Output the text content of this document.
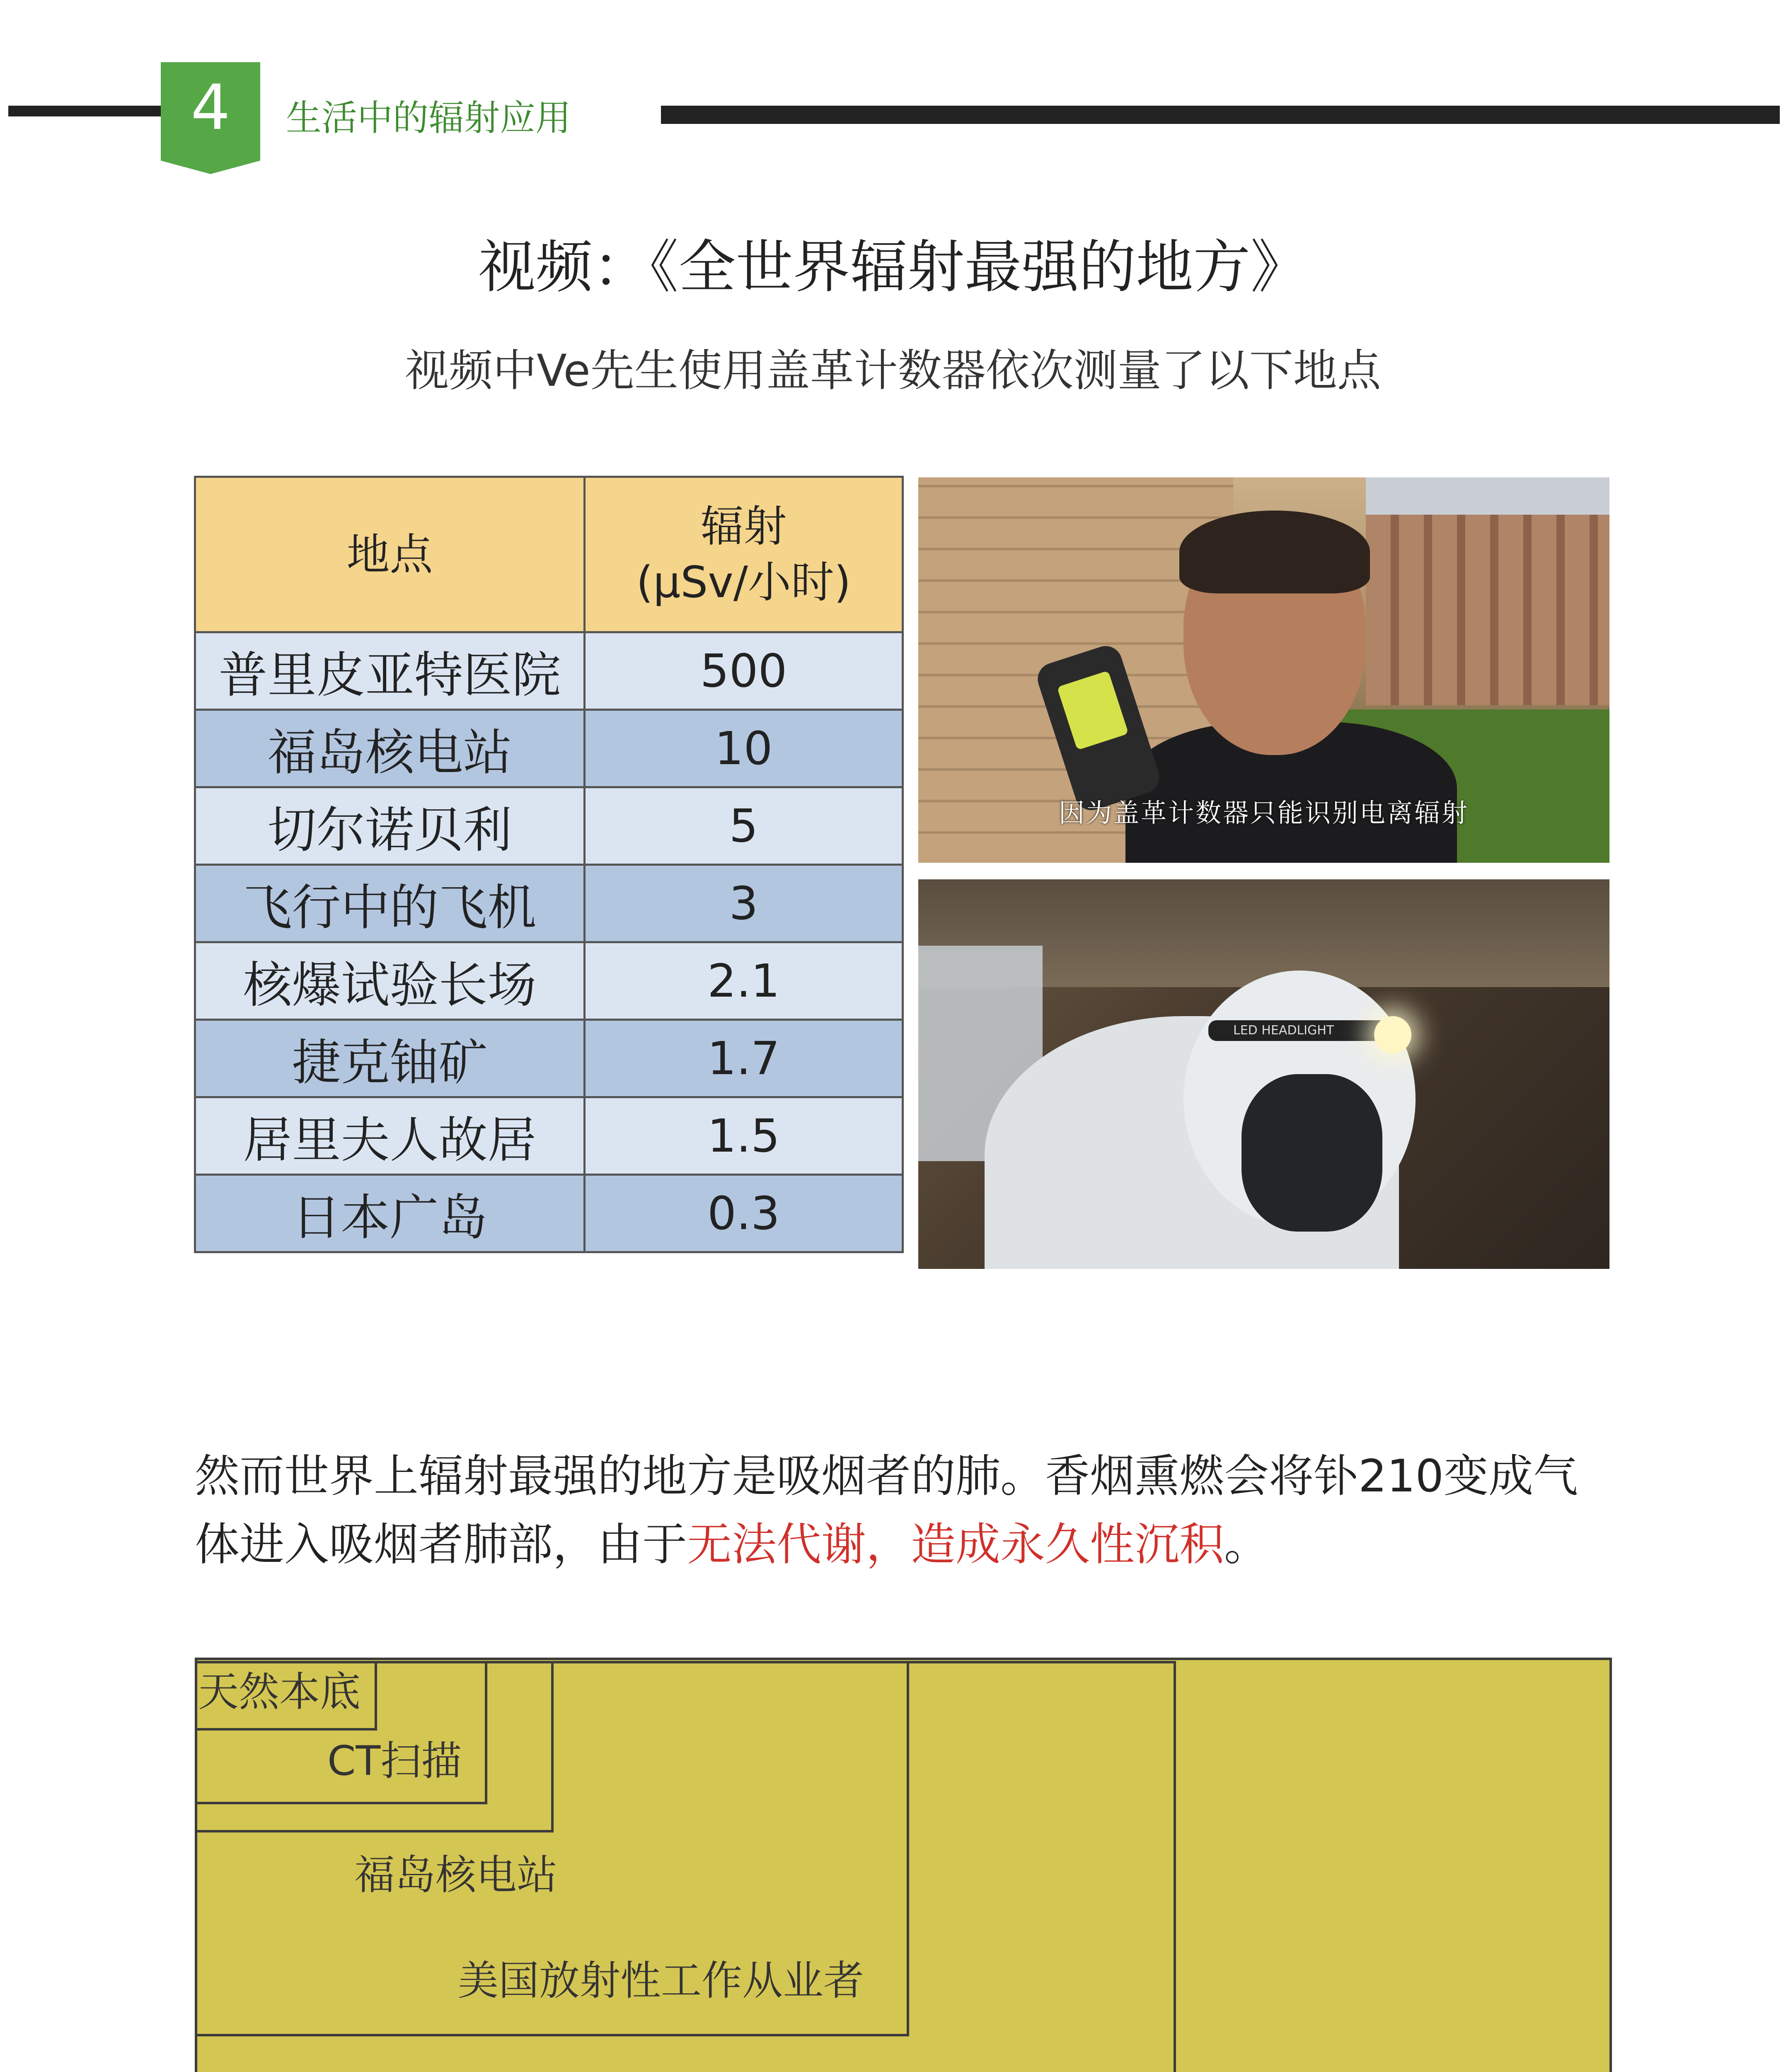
4	生活中的辐射应用
视频：《全世界辐射最强的地方》
视频中Ve先生使用盖革计数器依次测量了以下地点
地点	辐射
(μSv/小时)

普里皮亚特医院	500
福岛核电站	10
切尔诺贝利	5
飞行中的飞机	3
核爆试验长场	2.1
捷克铀矿	1.7
居里夫人故居	1.5
日本广岛	0.3
因为盖革计数器只能识别电离辐射
LED HEADLIGHT
然而世界上辐射最强的地方是吸烟者的肺。香烟熏燃会将钋210变成气体进入吸烟者肺部，由于无法代谢，造成永久性沉积。
天然本底
CT扫描
福岛核电站
美国放射性工作从业者
